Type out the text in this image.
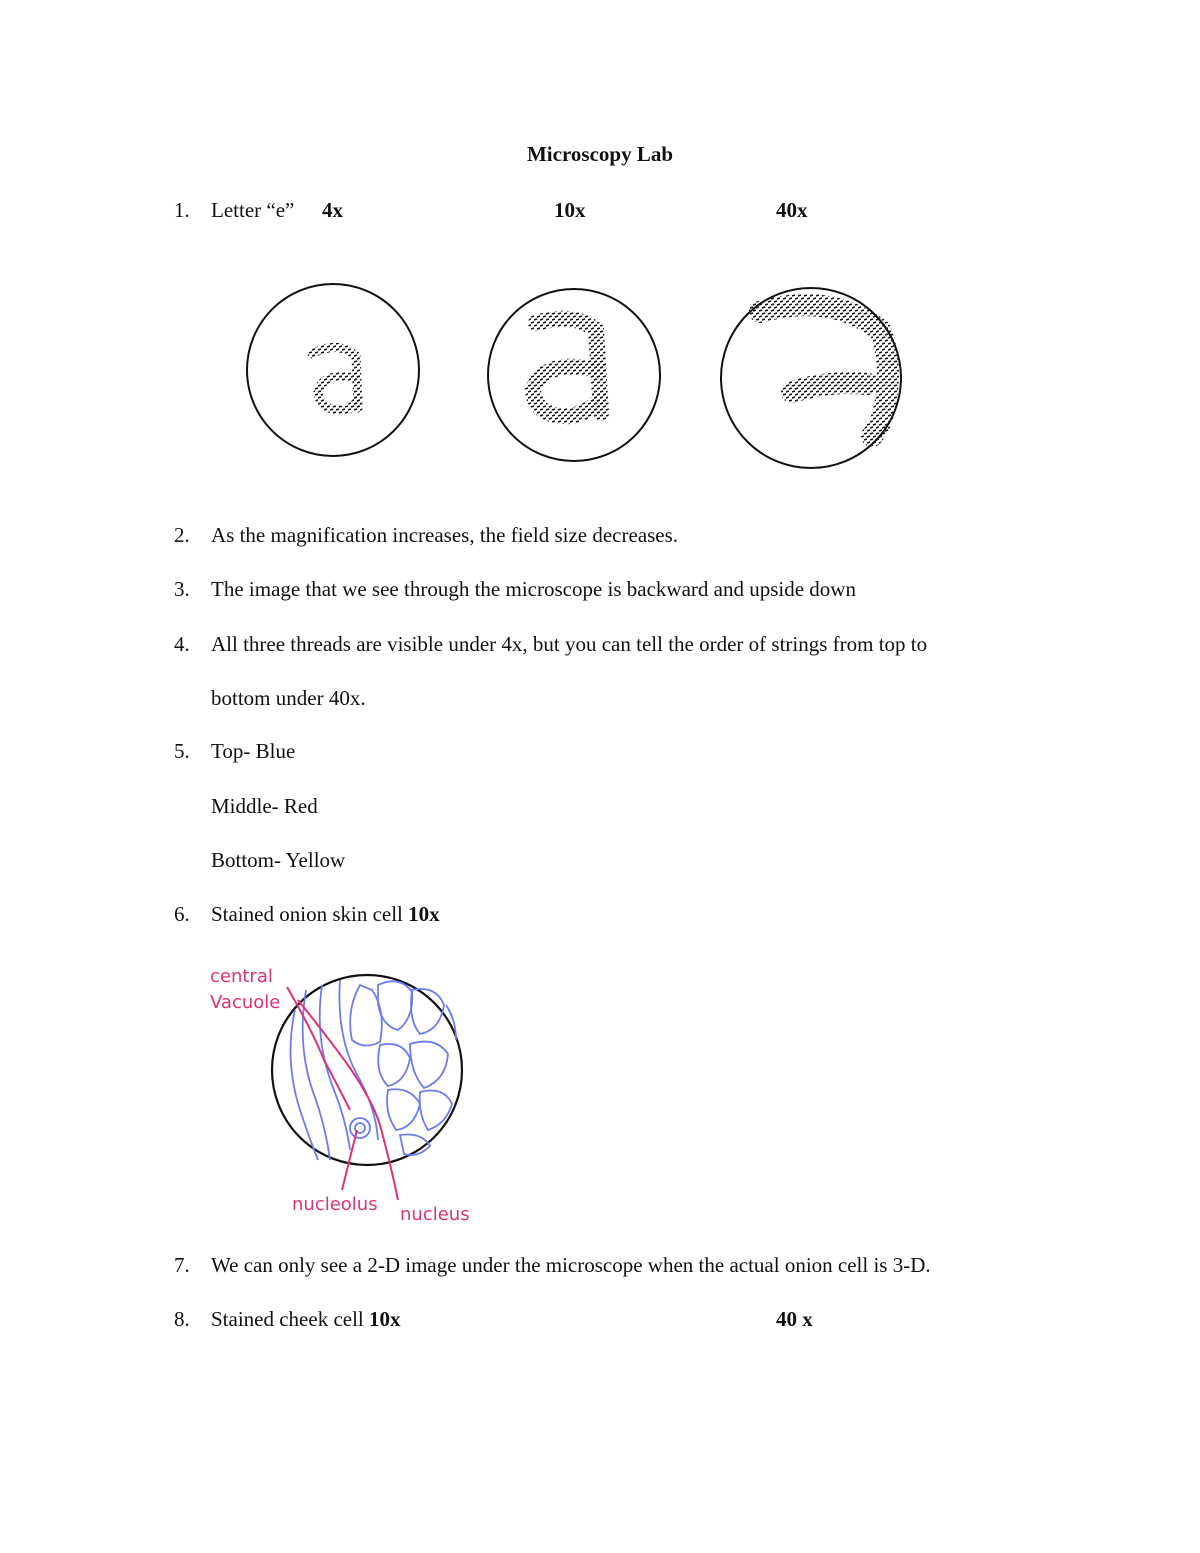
Microscopy Lab
1. Letter “e” 4x	10x	40x
2. As the magnification increases, the field size decreases.
3. The image that we see through the microscope is backward and upside down
4. All three threads are visible under 4x, but you can tell the order of strings from top to
bottom under 40x.
5. Top- Blue
Middle- Red
Bottom- Yellow
6. Stained onion skin cell 10x
central
Vacuole
nucleolus nucleus
7. We can only see a 2-D image under the microscope when the actual onion cell is 3-D.
8. Stained cheek cell 10x	40 x
